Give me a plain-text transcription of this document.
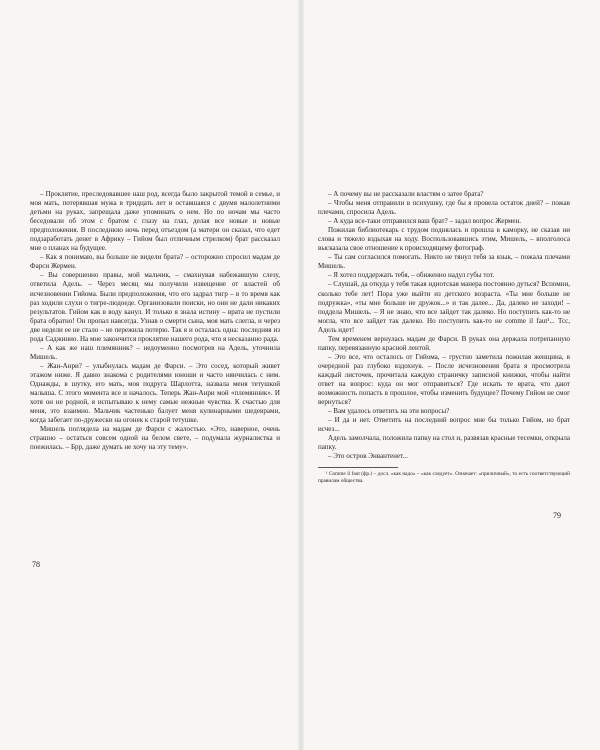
– Проклятие, преследовавшее наш род, всегда было закрытой темой в семье, и моя мать, потерявшая мужа в тридцать лет и оставшаяся с двумя малолетними детьми на руках, запрещала даже упоминать о нем. Но по ночам мы часто беседовали об этом с братом с глазу на глаз, делая все новые и новые предположения. В последнюю ночь перед отъездом (а матери он сказал, что едет подзаработать денег в Африку – Гийом был отличным стрелком) брат рассказал мне о планах на будущее.

– Как я понимаю, вы больше не видели брата? – осторожно спросил мадам де Фарси Жермен.

– Вы совершенно правы, мой мальчик, – смахнувая набежавшую слезу, ответила Адель. – Через месяц мы получили извещение от властей об исчезновении Гийома. Были предположения, что его задрал тигр – в то время как раз ходили слухи о тигре-людоеде. Организовали поиски, но они не дали никаких результатов. Гийом как в воду канул. И только я знала истину – врата не пустили брата обратно! Он пропал навсегда. Узнав о смерти сына, моя мать слегла, и через две недели ее не стало – не пережила потерю. Так я и осталась одна: последняя из рода Саджинио. На мне закончится проклятие нашего рода, что я несказанно рада.

– А как же наш племянник? – недоуменно посмотрев на Адель, уточнила Мишель.

– Жан-Анри? – улыбнулась мадам де Фарси. – Это сосед, который живет этажом ниже. Я давно знакома с родителями юноши и часто нянчилась с ним. Однажды, в шутку, его мать, моя подруга Шарлотта, назвала меня тетушкой малыша. С этого момента все и началось. Теперь Жан-Анри мой «племянник». И хотя он не родной, я испытываю к нему самые нежные чувства. К счастью для меня, это взаимно. Мальчик частенько балует меня кулинарными шедеврами, когда забегает по-дружески на огонек к старой тетушке.

Мишель поглядела на мадам де Фарси с жалостью. «Это, наверное, очень страшно – остаться совсем одной на белом свете, – подумала журналистка и поежилась. – Брр, даже думать не хочу на эту тему».

78

– А почему вы не рассказали властям о затее брата?

– Чтобы меня отправили в психушку, где бы я провела остаток дней? – пожав плечами, спросила Адель.

– А куда все-таки отправился ваш брат? – задал вопрос Жермен.

Пожилая библиотекарь с трудом поднялась и прошла в каморку, не сказав ни слова и тяжело вздыхая на ходу. Воспользовавшись этим, Мишель, – вполголоса высказала свое отношение к происходящему фотограф.

– Ты сам согласился помогать. Никто не тянул тебя за язык, – пожала плечами Мишель.

– Я хотел поддержать тебя, – обиженно надул губы тот.

– Слушай, да откуда у тебя такая идиотская манера постоянно дуться? Вспомни, сколько тебе лет! Пора уже выйти из детского возраста. «Ты мне больше не подружка», «ты мне больше не дружок...» и так далее... Да, далеко не заходи! – поддела Мишель. – Я не знаю, что все зайдет так далеко. Но поступить как-то не могла, что все зайдет так далеко. Но поступить как-то не comme il faut¹... Тсс, Адель идет!

Тем временем вернулась мадам де Фарси. В руках она держала потрепанную папку, перевязанную красной лентой.

– Это все, что осталось от Гийома, – грустно заметила пожилая женщина, в очередной раз глубоко вздохнув. – После исчезновения брата я просмотрела каждый листочек, прочитала каждую страничку записной книжки, чтобы найти ответ на вопрос: куда он мог отправиться? Где искать те врата, что дают возможность попасть в прошлое, чтобы изменить будущее? Почему Гийом не смог вернуться?

– Вам удалось ответить на эти вопросы?

– И да и нет. Ответить на последний вопрос мне бы только Гийом, но брат исчез...

Адель замолчала, положила папку на стол и, развязав красные тесемки, открыла папку.

– Это остров Энвантенет...

¹ Comme il faut (фр.) – досл. «как надо» – «как следует». Означает: «приличный», то есть соответствующий правилам общества.

79
